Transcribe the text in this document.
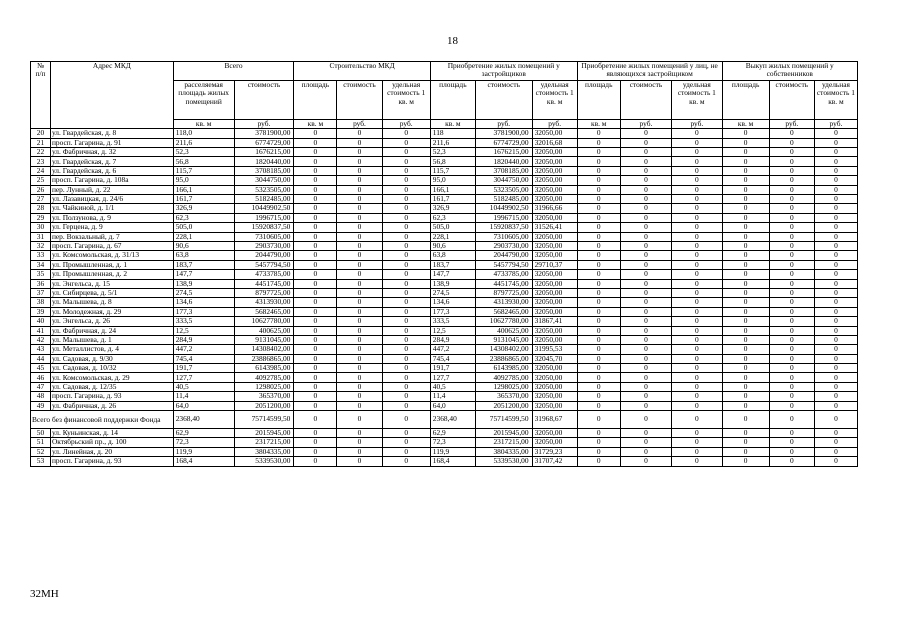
18
№
п/п	Адрес МКД	Всего		Строительство МКД			Приобретение жилых помещений у застройщиков			Приобретение жилых помещений у лиц, не являющихся застройщиком			Выкуп жилых помещений у собственников		
		расселяемая площадь жилых помещений	стоимость	площадь	стоимость	удельная стоимость 1 кв. м	площадь	стоимость	удельная стоимость 1 кв. м	площадь	стоимость	удельная стоимость 1 кв. м	площадь	стоимость	удельная стоимость 1 кв. м
		кв. м	руб.	кв. м	руб.	руб.	кв. м	руб.	руб.	кв. м	руб.	руб.	кв. м	руб.	руб.
20	ул. Гвардейская, д. 8	118,0	3781900,00	0	0	0	118	3781900,00	32050,00	0	0	0	0	0	0
21	просп. Гагарина, д. 91	211,6	6774729,00	0	0	0	211,6	6774729,00	32016,68	0	0	0	0	0	0
22	ул. Фабричная, д. 32	52,3	1676215,00	0	0	0	52,3	1676215,00	32050,00	0	0	0	0	0	0
23	ул. Гвардейская, д. 7	56,8	1820440,00	0	0	0	56,8	1820440,00	32050,00	0	0	0	0	0	0
24	ул. Гвардейская, д. 6	115,7	3708185,00	0	0	0	115,7	3708185,00	32050,00	0	0	0	0	0	0
25	просп. Гагарина, д. 108а	95,0	3044750,00	0	0	0	95,0	3044750,00	32050,00	0	0	0	0	0	0
26	пер. Лунный, д. 22	166,1	5323505,00	0	0	0	166,1	5323505,00	32050,00	0	0	0	0	0	0
27	ул. Лазавицкая, д. 24/6	161,7	5182485,00	0	0	0	161,7	5182485,00	32050,00	0	0	0	0	0	0
28	ул. Чайкиной, д. 1/1	326,9	10449902,50	0	0	0	326,9	10449902,50	31966,66	0	0	0	0	0	0
29	ул. Ползунова, д. 9	62,3	1996715,00	0	0	0	62,3	1996715,00	32050,00	0	0	0	0	0	0
30	ул. Герцена, д. 9	505,0	15920837,50	0	0	0	505,0	15920837,50	31526,41	0	0	0	0	0	0
31	пер. Вокзальный, д. 7	228,1	7310605,00	0	0	0	228,1	7310605,00	32050,00	0	0	0	0	0	0
32	просп. Гагарина, д. 67	90,6	2903730,00	0	0	0	90,6	2903730,00	32050,00	0	0	0	0	0	0
33	ул. Комсомольская, д. 31/13	63,8	2044790,00	0	0	0	63,8	2044790,00	32050,00	0	0	0	0	0	0
34	ул. Промышленная, д. 1	183,7	5457794,50	0	0	0	183,7	5457794,50	29710,37	0	0	0	0	0	0
35	ул. Промышленная, д. 2	147,7	4733785,00	0	0	0	147,7	4733785,00	32050,00	0	0	0	0	0	0
36	ул. Энгельса, д. 15	138,9	4451745,00	0	0	0	138,9	4451745,00	32050,00	0	0	0	0	0	0
37	ул. Сибирцева, д. 5/1	274,5	8797725,00	0	0	0	274,5	8797725,00	32050,00	0	0	0	0	0	0
38	ул. Малышева, д. 8	134,6	4313930,00	0	0	0	134,6	4313930,00	32050,00	0	0	0	0	0	0
39	ул. Молодежная, д. 29	177,3	5682465,00	0	0	0	177,3	5682465,00	32050,00	0	0	0	0	0	0
40	ул. Энгельса, д. 26	333,5	10627780,00	0	0	0	333,5	10627780,00	31867,41	0	0	0	0	0	0
41	ул. Фабричная, д. 24	12,5	400625,00	0	0	0	12,5	400625,00	32050,00	0	0	0	0	0	0
42	ул. Малышева, д. 1	284,9	9131045,00	0	0	0	284,9	9131045,00	32050,00	0	0	0	0	0	0
43	ул. Металлистов, д. 4	447,2	14308402,00	0	0	0	447,2	14308402,00	31995,53	0	0	0	0	0	0
44	ул. Садовая, д. 9/30	745,4	23886865,00	0	0	0	745,4	23886865,00	32045,70	0	0	0	0	0	0
45	ул. Садовая, д. 10/32	191,7	6143985,00	0	0	0	191,7	6143985,00	32050,00	0	0	0	0	0	0
46	ул. Комсомольская, д. 29	127,7	4092785,00	0	0	0	127,7	4092785,00	32050,00	0	0	0	0	0	0
47	ул. Садовая, д. 12/35	40,5	1298025,00	0	0	0	40,5	1298025,00	32050,00	0	0	0	0	0	0
48	просп. Гагарина, д. 93	11,4	365370,00	0	0	0	11,4	365370,00	32050,00	0	0	0	0	0	0
49	ул. Фабричная, д. 26	64,0	2051200,00	0	0	0	64,0	2051200,00	32050,00	0	0	0	0	0	0
Всего без финансовой поддержки Фонда		2368,40	75714599,50	0	0	0	2368,40	75714599,50	31968,67	0	0	0	0	0	0
50	ул. Куньинская, д. 14	62,9	2015945,00	0	0	0	62,9	2015945,00	32050,00	0	0	0	0	0	0
51	Октябрьский пр., д. 100	72,3	2317215,00	0	0	0	72,3	2317215,00	32050,00	0	0	0	0	0	0
52	ул. Линейная, д. 20	119,9	3804335,00	0	0	0	119,9	3804335,00	31729,23	0	0	0	0	0	0
53	просп. Гагарина, д. 93	168,4	5339530,00	0	0	0	168,4	5339530,00	31707,42	0	0	0	0	0	0
32МН
